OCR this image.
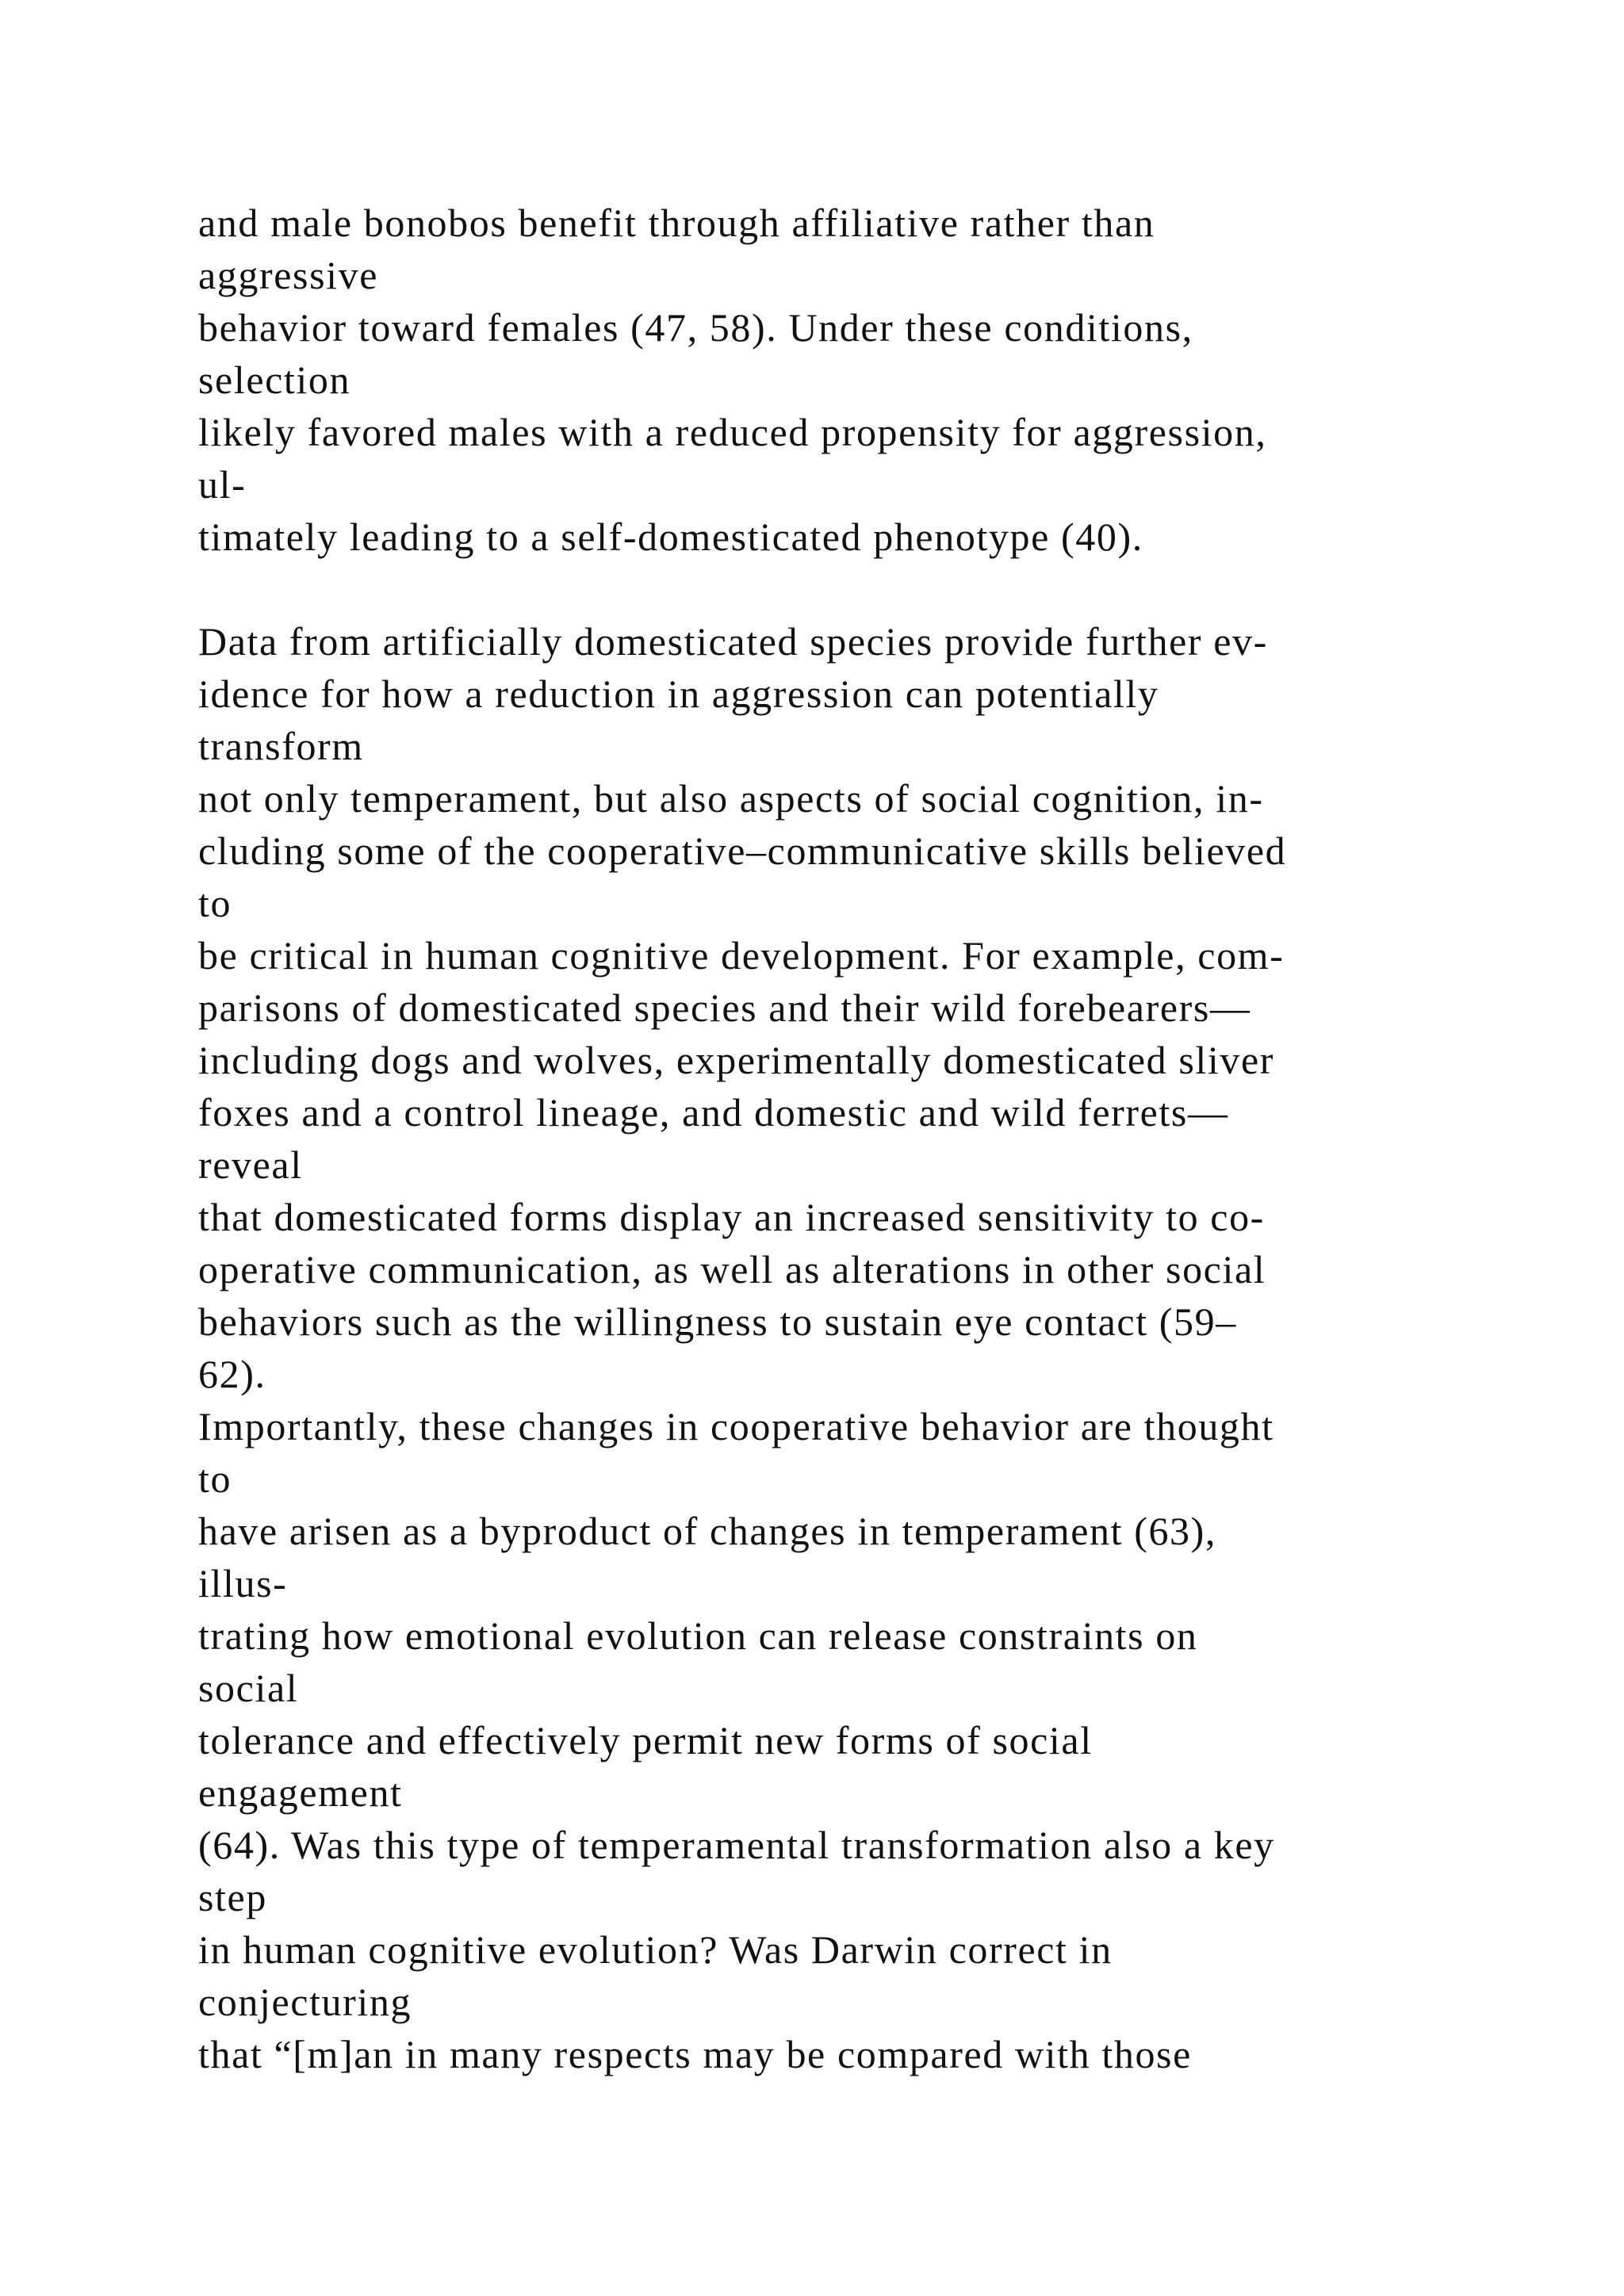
and male bonobos benefit through affiliative rather than
aggressive
behavior toward females (47, 58). Under these conditions,
selection
likely favored males with a reduced propensity for aggression,
ul-
timately leading to a self-domesticated phenotype (40).
Data from artificially domesticated species provide further ev-
idence for how a reduction in aggression can potentially
transform
not only temperament, but also aspects of social cognition, in-
cluding some of the cooperative–communicative skills believed
to
be critical in human cognitive development. For example, com-
parisons of domesticated species and their wild forebearers—
including dogs and wolves, experimentally domesticated sliver
foxes and a control lineage, and domestic and wild ferrets—
reveal
that domesticated forms display an increased sensitivity to co-
operative communication, as well as alterations in other social
behaviors such as the willingness to sustain eye contact (59–
62).
Importantly, these changes in cooperative behavior are thought
to
have arisen as a byproduct of changes in temperament (63),
illus-
trating how emotional evolution can release constraints on
social
tolerance and effectively permit new forms of social
engagement
(64). Was this type of temperamental transformation also a key
step
in human cognitive evolution? Was Darwin correct in
conjecturing
that “[m]an in many respects may be compared with those
